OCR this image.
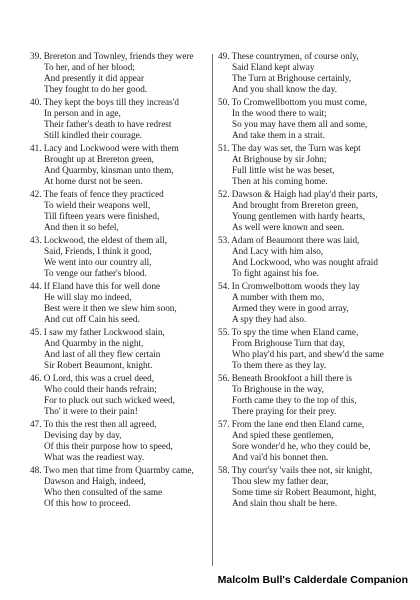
39. Brereton and Townley, friends they were
To her, and of her blood;
And presently it did appear
They fought to do her good.
40. They kept the boys till they increas'd
In person and in age,
Their father's death to have redrest
Still kindled their courage.
41. Lacy and Lockwood were with them
Brought up at Brereton green,
And Quarmby, kinsman unto them,
At home durst not be seen.
42. The feats of fence they practiced
To wield their weapons well,
Till fifteen years were finished,
And then it so befel,
43. Lockwood, the eldest of them all,
Said, Friends, I think it good,
We went into our country all,
To venge our father's blood.
44. If Eland have this for well done
He will slay mo indeed,
Best were it then we slew him soon,
And cut off Cain his seed.
45. I saw my father Lockwood slain,
And Quarmby in the night,
And last of all they flew certain
Sir Robert Beaumont, knight.
46. O Lord, this was a cruel deed,
Who could their hands refrain;
For to pluck out such wicked weed,
Tho' it were to their pain!
47. To this the rest then all agreed,
Devising day by day,
Of this their purpose how to speed,
What was the readiest way.
48. Two men that time from Quarmby came,
Dawson and Haigh, indeed,
Who then consulted of the same
Of this how to proceed.
49. These countrymen, of course only,
Said Eland kept alway
The Turn at Brighouse certainly,
And you shall know the day.
50. To Cromwellbottom you must come,
In the wood there to wait;
So you may have them all and some,
And take them in a strait.
51. The day was set, the Turn was kept
At Brighouse by sir John;
Full little wist he was beset,
Then at his coming home.
52. Dawson & Haigh had play'd their parts,
And brought from Brereton green,
Young gentlemen with hardy hearts,
As well were known and seen.
53. Adam of Beaumont there was laid,
And Lacy with him also,
And Lockwood, who was nought afraid
To fight against his foe.
54. In Cromwelbottom woods they lay
A number with them mo,
Armed they were in good array,
A spy they had also.
55. To spy the time when Eland came,
From Brighouse Turn that day,
Who play'd his part, and shew'd the same
To them there as they lay.
56. Beneath Brookfoot a hill there is
To Brighouse in the way,
Forth came they to the top of this,
There praying for their prey.
57. From the lane end then Eland came,
And spied these gentlemen,
Sore wonder'd he, who they could be,
And vai'd his bonnet then.
58. Thy court'sy 'vails thee not, sir knight,
Thou slew my father dear,
Some time sir Robert Beaumont, hight,
And slain thou shalt be here.
Malcolm Bull's Calderdale Companion
